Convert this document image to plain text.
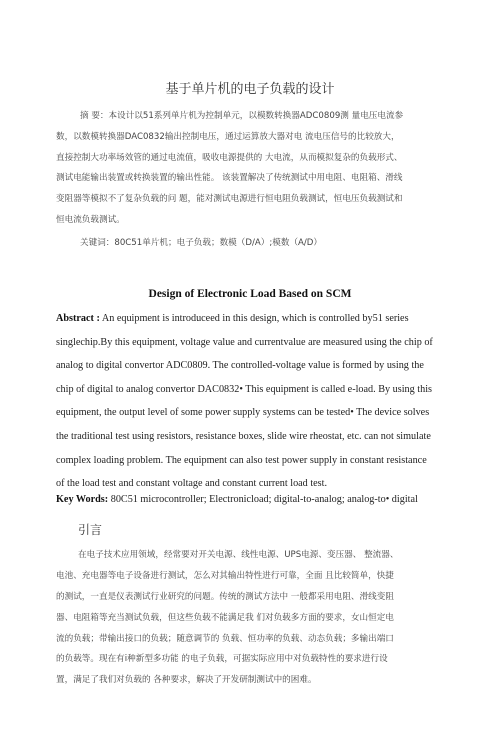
基于单片机的电子负载的设计
摘 要：本设计以51系列单片机为控制单元，以模数转换器ADC0809测 量电压电流参
数，以数模转换器DAC0832输出控制电压，通过运算放大器对电 流电压信号的比较放大，
直接控制大功率场效管的通过电流值，吸收电源提供的 大电流，从而模拟复杂的负载形式、
测试电能输出装置或转换装置的输出性能。 该装置解决了传统测试中用电阻、电阻箱、滑线
变阻器等模拟不了复杂负载的问 题，能对测试电源进行恒电阻负载测试，恒电压负载测试和
恒电流负载测试。
关键词：80C51单片机；电子负载；数模（D/A）;模数（A/D）
Design of Electronic Load Based on SCM
Abstract : An equipment is introduceed in this design, which is controlled by51 series
singlechip.By this equipment, voltage value and currentvalue are measured using the chip of
analog to digital convertor ADC0809. The controlled-voltage value is formed by using the
chip of digital to analog convertor DAC0832• This equipment is called e-load. By using this
equipment, the output level of some power supply systems can be tested• The device solves
the traditional test using resistors, resistance boxes, slide wire rheostat, etc. can not simulate
complex loading problem. The equipment can also test power supply in constant resistance
of the load test and constant voltage and constant current load test.
Key Words: 80C51 microcontroller; Electronicload; digital-to-analog; analog-to• digital
引言
在电子技术应用领域，经常要对开关电源、线性电源、UPS电源、变压器、 整流器、
电池、充电器等电子设备进行测试，怎么对其输出特性进行可靠，全面 且比较简单，快捷
的测试，一直是仪表测试行业研究的问题。传统的测试方法中 一般都采用电阻、滑线变阻
器、电阻箱等充当测试负载，但这些负载不能满足我 们对负载多方面的要求，女山恒定电
流的负载；带输出接口的负载；随意调节的 负载、恒功率的负载、动态负载；多输出端口
的负载等。现在有i种新型多功能 的电子负载，可据实际应用中对负载特性的要求进行设
置，满足了我们对负载的 各种要求，解决了开发研制测试中的困难。
